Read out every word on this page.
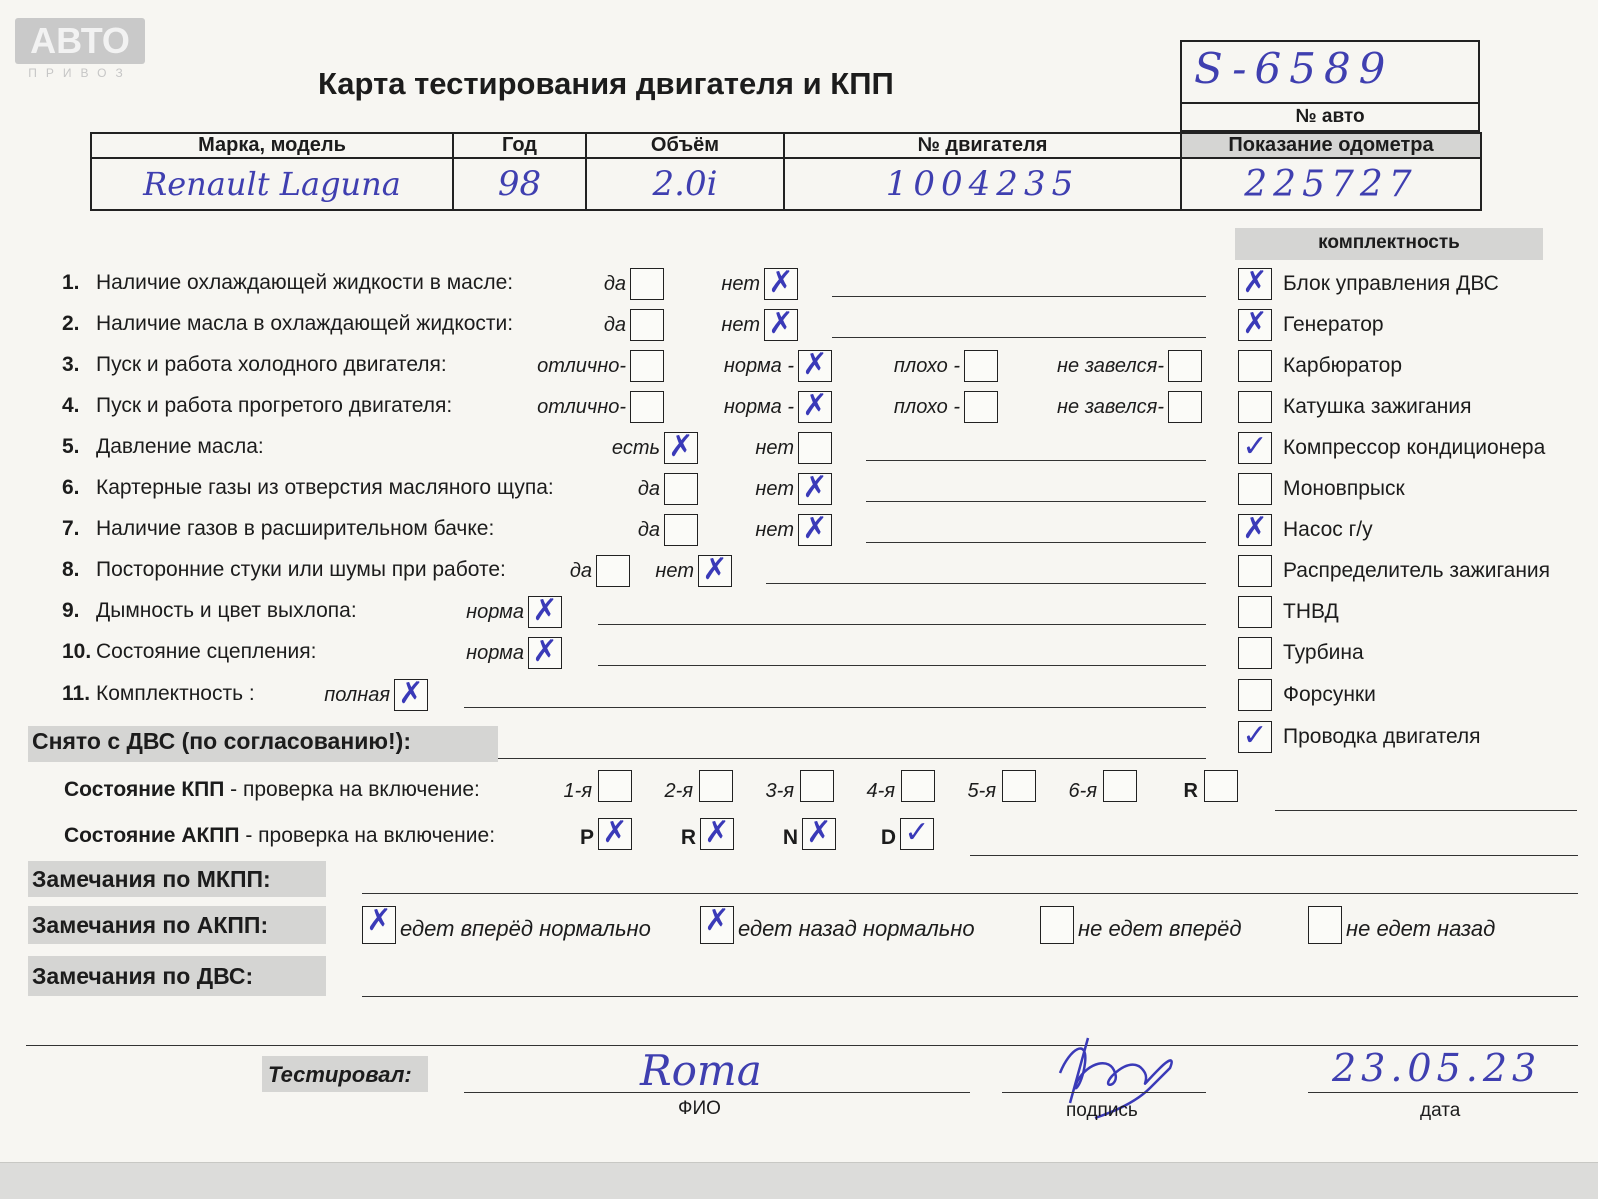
АВТО
ПРИВОЗ	Карта тестирования двигателя и КПП	S-6589
№ авто
Марка, модель	Год	Объём	№ двигателя	Показание одометра
Renault Laguna	98	2.0i	1004235	225727
комплектность
1. Наличие охлаждающей жидкости в масле:	да	нет ✗
2. Наличие масла в охлаждающей жидкости:	да	нет ✗
3. Пуск и работа холодного двигателя:	отлично-	норма - ✗	плохо -	не завелся-
4. Пуск и работа прогретого двигателя:	отлично-	норма - ✗	плохо -	не завелся-
5. Давление масла:	есть ✗	нет
6. Картерные газы из отверстия масляного щупа:	да	нет ✗
7. Наличие газов в расширительном бачке:	да	нет ✗
8. Посторонние стуки или шумы при работе:	да	нет ✗
9. Дымность и цвет выхлопа:	норма ✗
10. Состояние сцепления:	норма ✗
11. Комплектность :	полная ✗
✗ Блок управления ДВС
✗ Генератор
Карбюратор
Катушка зажигания
✓ Компрессор кондиционера
Моновпрыск
✗ Насос г/у
Распределитель зажигания
ТНВД
Турбина
Форсунки
✓ Проводка двигателя
Снято с ДВС (по согласованию!):
Состояние КПП - проверка на включение:	1-я	2-я	3-я	4-я	5-я	6-я	R
Состояние АКПП - проверка на включение:	P ✗	R ✗	N ✗ D ✓
Замечания по МКПП:
Замечания по АКПП:	✗ едет вперёд нормально ✗ едет назад нормально	не едет вперёд	не едет назад
Замечания по ДВС:
Тестировал:	Roma
ФИО	подпись
23.05.23
дата
